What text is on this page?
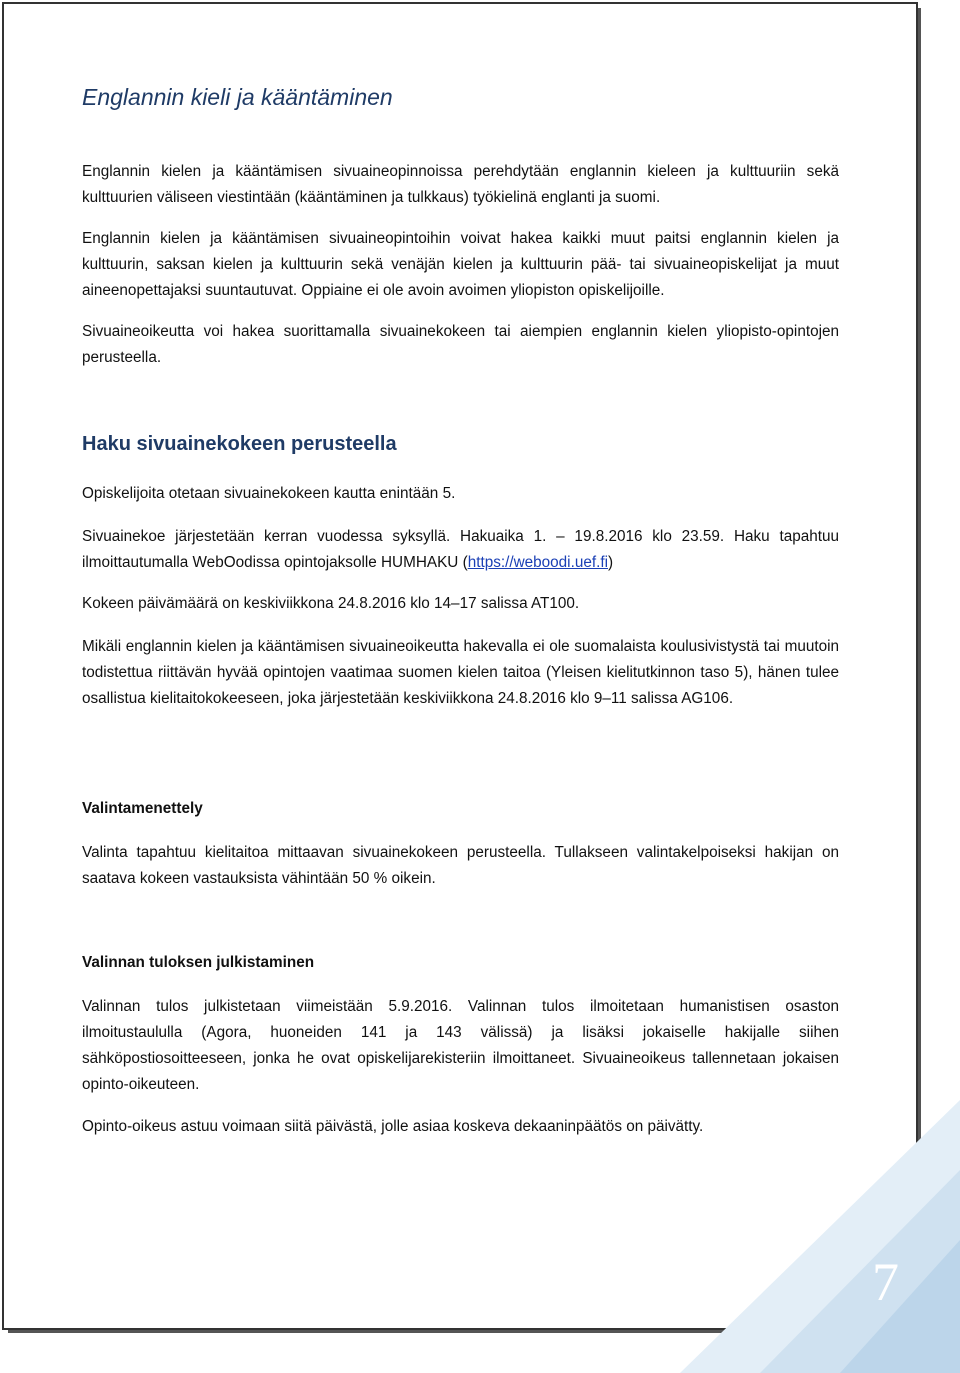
7
Englannin kieli ja kääntäminen

Englannin kielen ja kääntämisen sivuaineopinnoissa perehdytään englannin kieleen ja kulttuuriin sekä kulttuurien väliseen viestintään (kääntäminen ja tulkkaus) työkielinä englanti ja suomi.

Englannin kielen ja kääntämisen sivuaineopintoihin voivat hakea kaikki muut paitsi englannin kielen ja kulttuurin, saksan kielen ja kulttuurin sekä venäjän kielen ja kulttuurin pää- tai sivuaineopiskelijat ja muut aineenopettajaksi suuntautuvat. Oppiaine ei ole avoin avoimen yliopiston opiskelijoille.

Sivuaineoikeutta voi hakea suorittamalla sivuainekokeen tai aiempien englannin kielen yliopisto-opintojen perusteella.

Haku sivuainekokeen perusteella

Opiskelijoita otetaan sivuainekokeen kautta enintään 5.

Sivuainekoe järjestetään kerran vuodessa syksyllä. Hakuaika 1. – 19.8.2016 klo 23.59. Haku tapahtuu ilmoittautumalla WebOodissa opintojaksolle HUMHAKU (https://weboodi.uef.fi)

Kokeen päivämäärä on keskiviikkona 24.8.2016 klo 14–17 salissa AT100.

Mikäli englannin kielen ja kääntämisen sivuaineoikeutta hakevalla ei ole suomalaista koulusivistystä tai muutoin todistettua riittävän hyvää opintojen vaatimaa suomen kielen taitoa (Yleisen kielitutkinnon taso 5), hänen tulee osallistua kielitaitokokeeseen, joka järjestetään keskiviikkona 24.8.2016 klo 9–11 salissa AG106.

Valintamenettely

Valinta tapahtuu kielitaitoa mittaavan sivuainekokeen perusteella. Tullakseen valintakelpoiseksi hakijan on saatava kokeen vastauksista vähintään 50 % oikein.

Valinnan tuloksen julkistaminen

Valinnan tulos julkistetaan viimeistään 5.9.2016. Valinnan tulos ilmoitetaan humanistisen osaston ilmoitustaululla (Agora, huoneiden 141 ja 143 välissä) ja lisäksi jokaiselle hakijalle siihen sähköpostiosoitteeseen, jonka he ovat opiskelijarekisteriin ilmoittaneet. Sivuaineoikeus tallennetaan jokaisen opinto-oikeuteen.

Opinto-oikeus astuu voimaan siitä päivästä, jolle asiaa koskeva dekaaninpäätös on päivätty.
